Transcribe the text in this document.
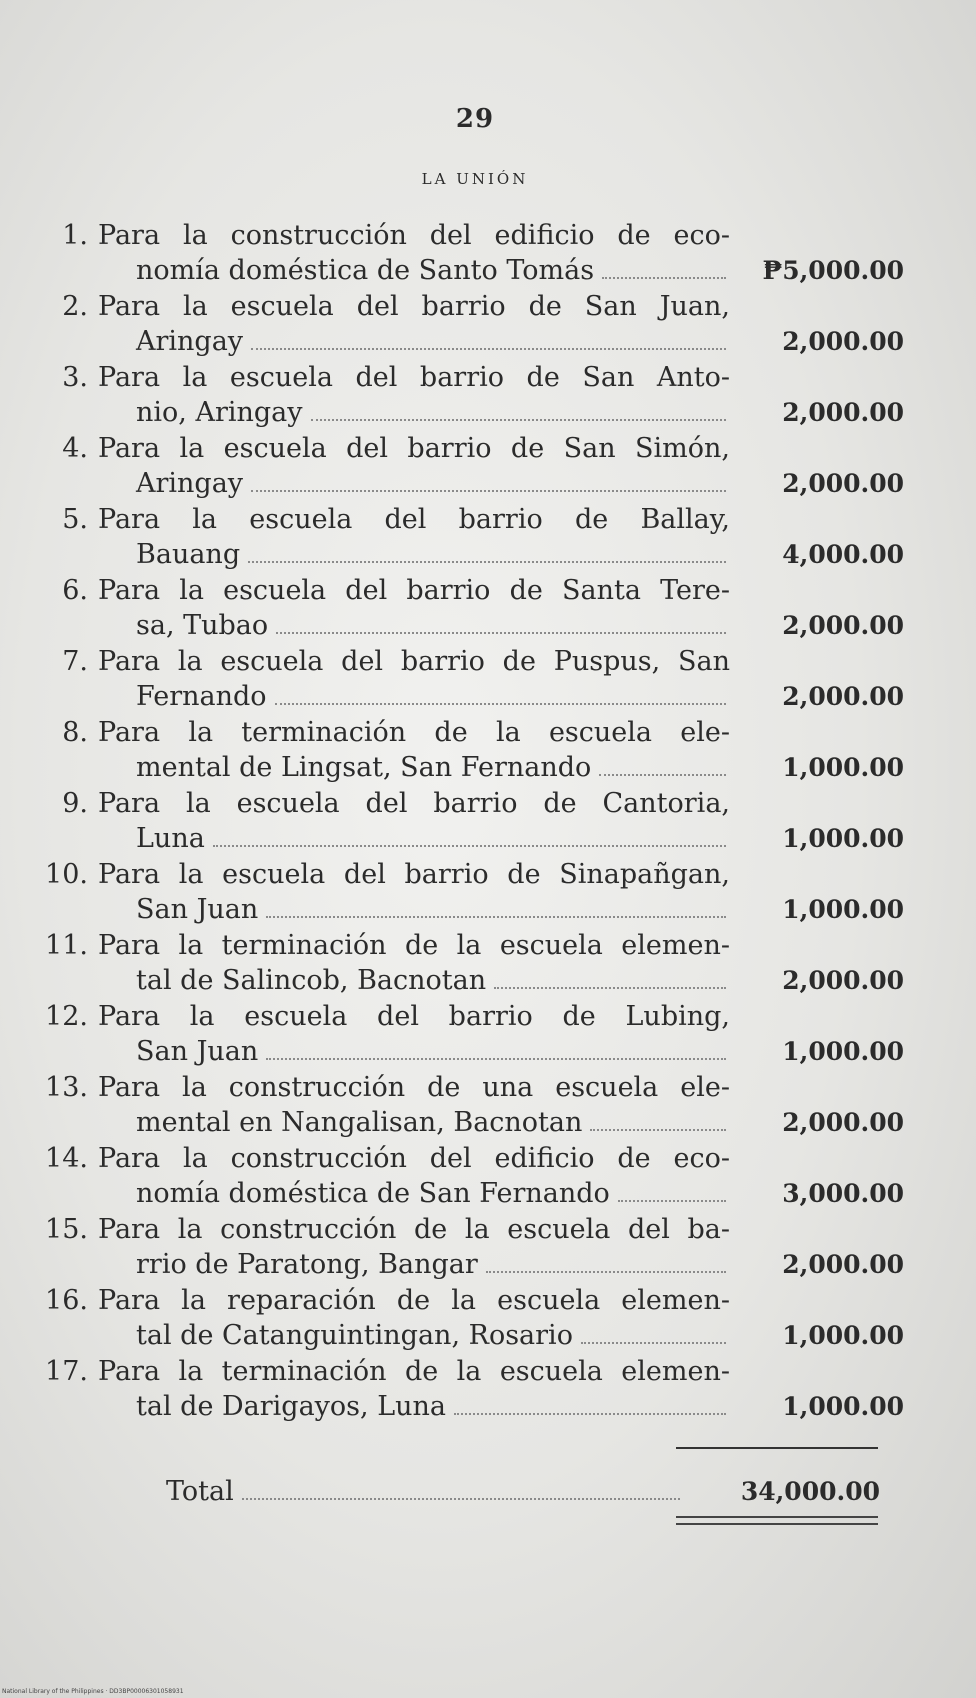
29
LA UNIÓN
1. Para la construcción del edificio de eco-
nomía doméstica de Santo Tomás	₱5,000.00
2. Para la escuela del barrio de San Juan,
Aringay	2,000.00
3. Para la escuela del barrio de San Anto-
nio, Aringay	2,000.00
4. Para la escuela del barrio de San Simón,
Aringay	2,000.00
5. Para la escuela del barrio de Ballay,
Bauang	4,000.00
6. Para la escuela del barrio de Santa Tere-
sa, Tubao	2,000.00
7. Para la escuela del barrio de Puspus, San
Fernando	2,000.00
8. Para la terminación de la escuela ele-
mental de Lingsat, San Fernando	1,000.00
9. Para la escuela del barrio de Cantoria,
Luna	1,000.00
10. Para la escuela del barrio de Sinapañgan,
San Juan	1,000.00
11. Para la terminación de la escuela elemen-
tal de Salincob, Bacnotan	2,000.00
12. Para la escuela del barrio de Lubing,
San Juan	1,000.00
13. Para la construcción de una escuela ele-
mental en Nangalisan, Bacnotan	2,000.00
14. Para la construcción del edificio de eco-
nomía doméstica de San Fernando	3,000.00
15. Para la construcción de la escuela del ba-
rrio de Paratong, Bangar	2,000.00
16. Para la reparación de la escuela elemen-
tal de Catanguintingan, Rosario	1,000.00
17. Para la terminación de la escuela elemen-
tal de Darigayos, Luna	1,000.00
Total	34,000.00
National Library of the Philippines · DD3BP00006301058931
